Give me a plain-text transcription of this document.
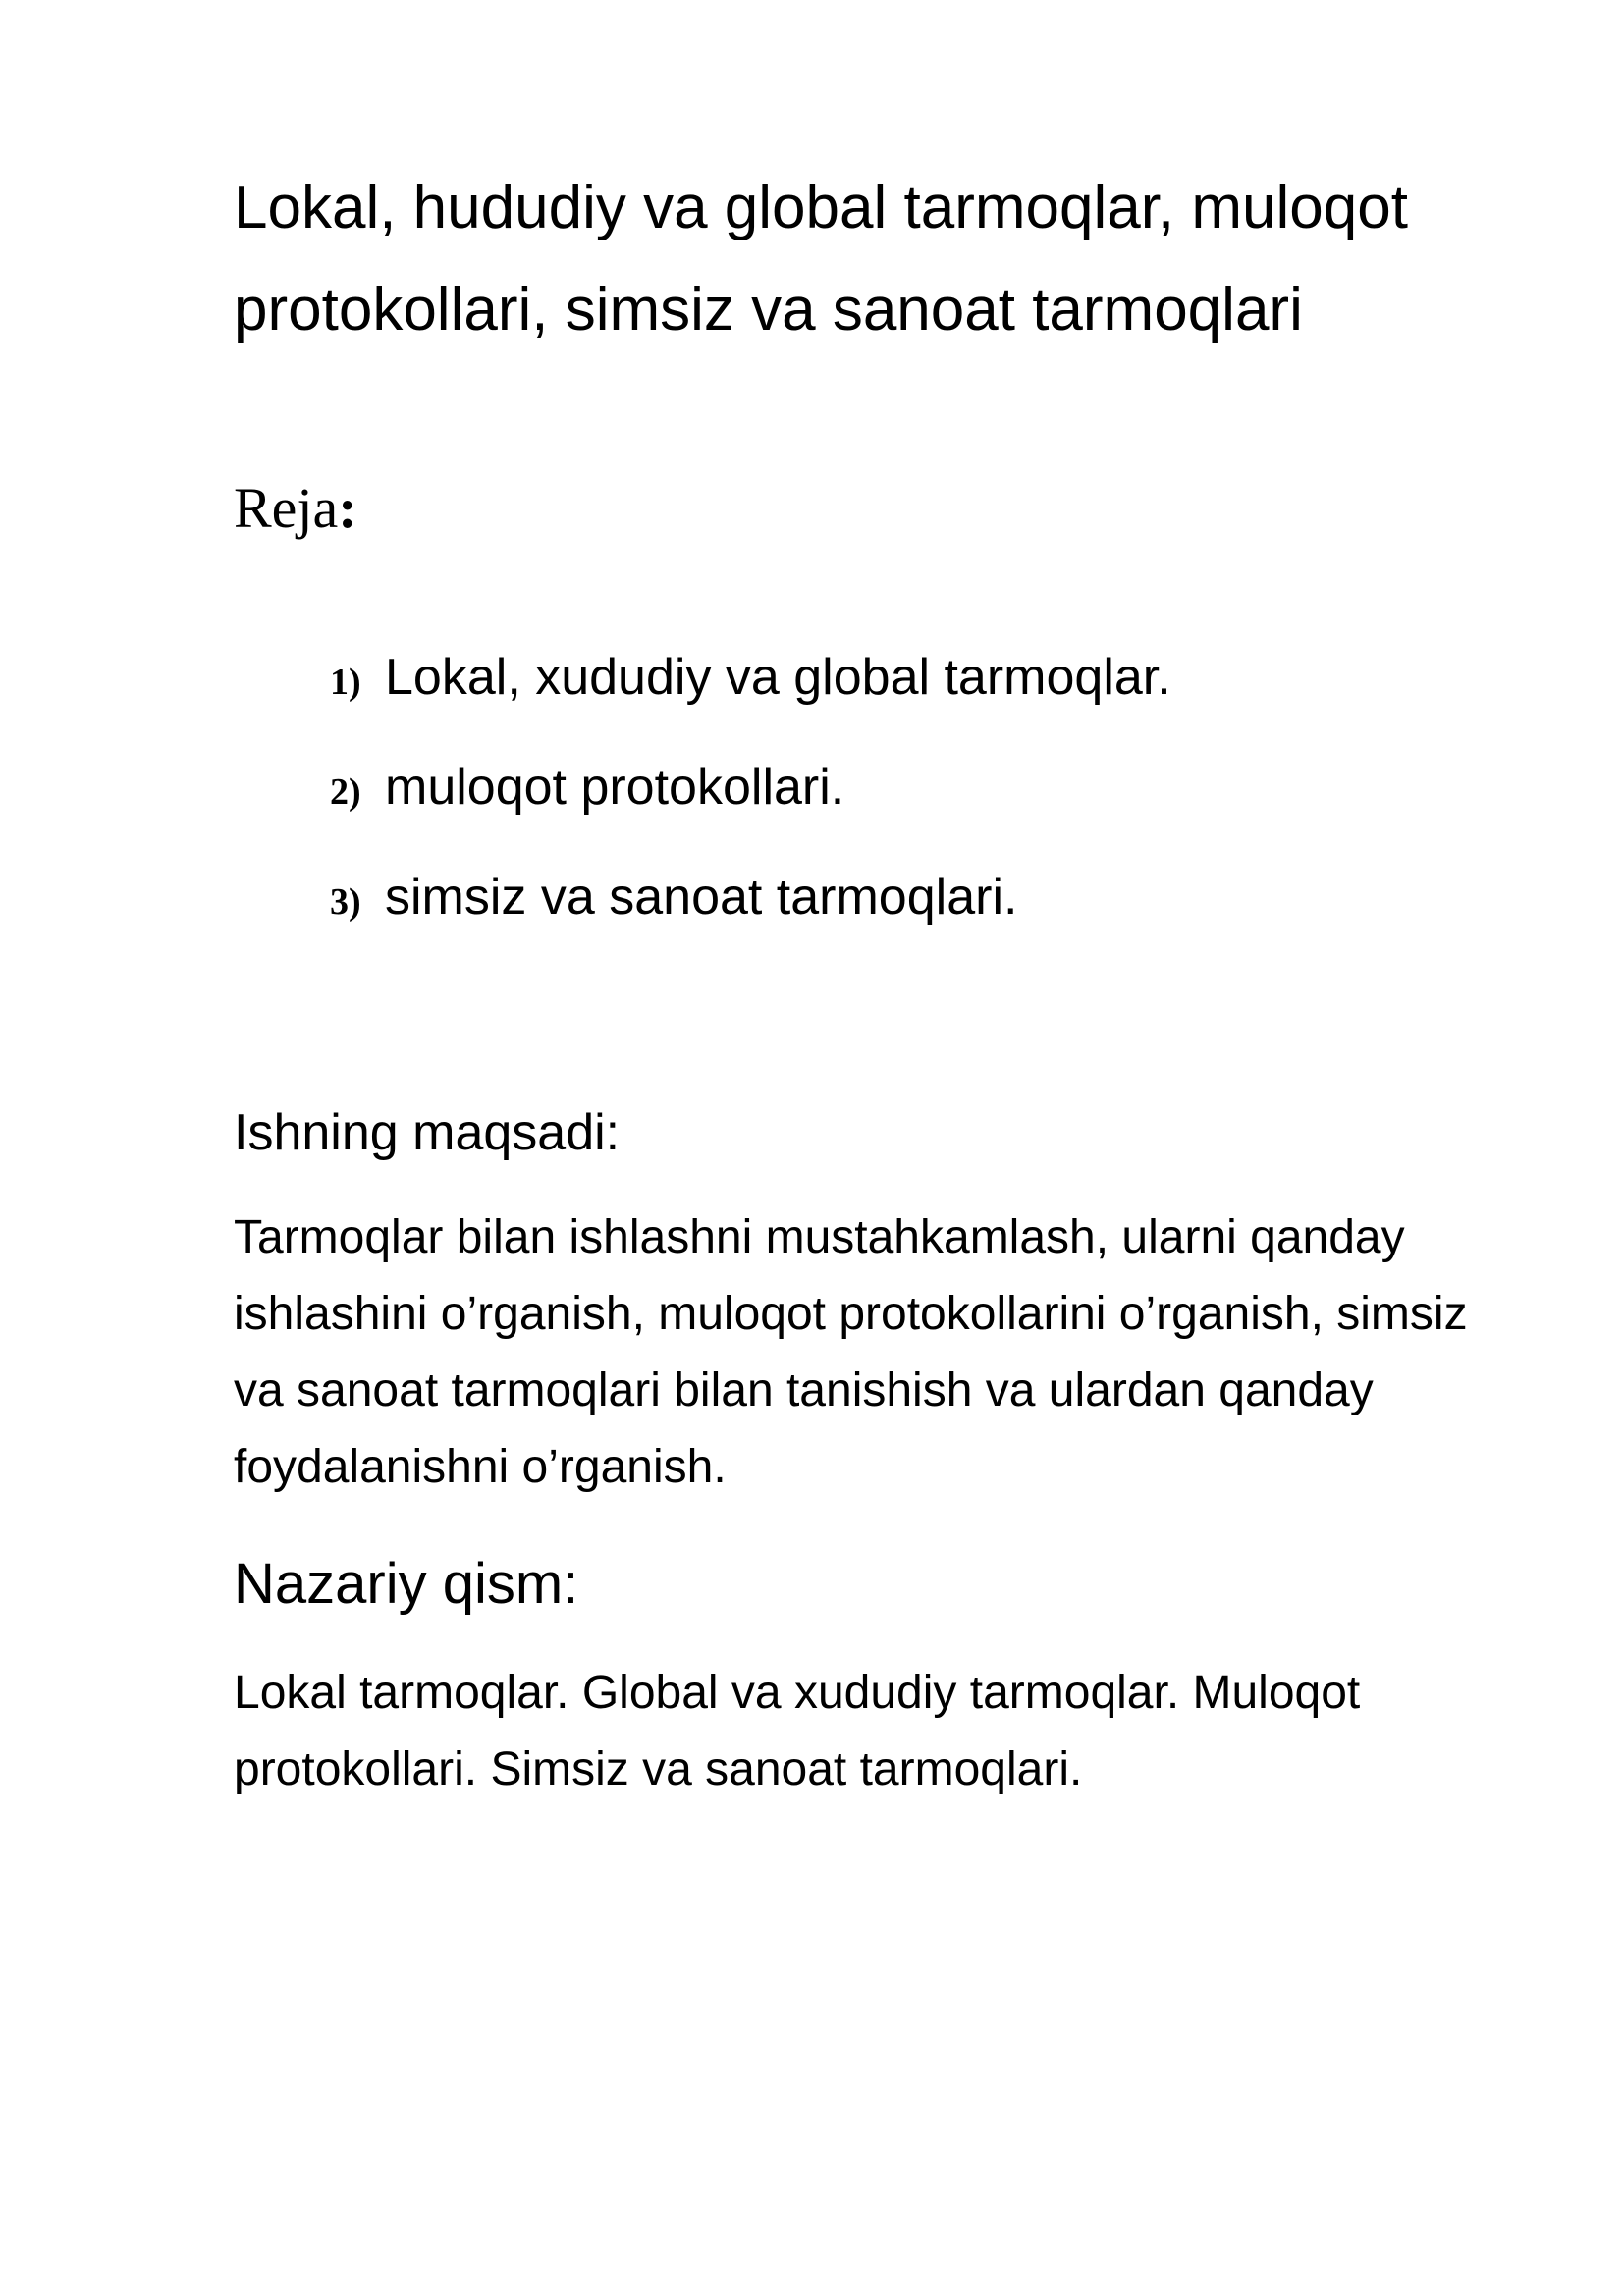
Lokal, hududiy va global tarmoqlar, muloqot protokollari, simsiz va sanoat tarmoqlari
Reja:
1) Lokal, xududiy va global tarmoqlar.
2) muloqot protokollari.
3) simsiz va sanoat tarmoqlari.
Ishning maqsadi:

Tarmoqlar bilan ishlashni mustahkamlash, ularni qanday ishlashini o’rganish, muloqot protokollarini o’rganish, simsiz va sanoat tarmoqlari bilan tanishish va ulardan qanday foydalanishni o’rganish.

Nazariy qism:

Lokal tarmoqlar. Global va xududiy tarmoqlar. Muloqot protokollari. Simsiz va sanoat tarmoqlari.
